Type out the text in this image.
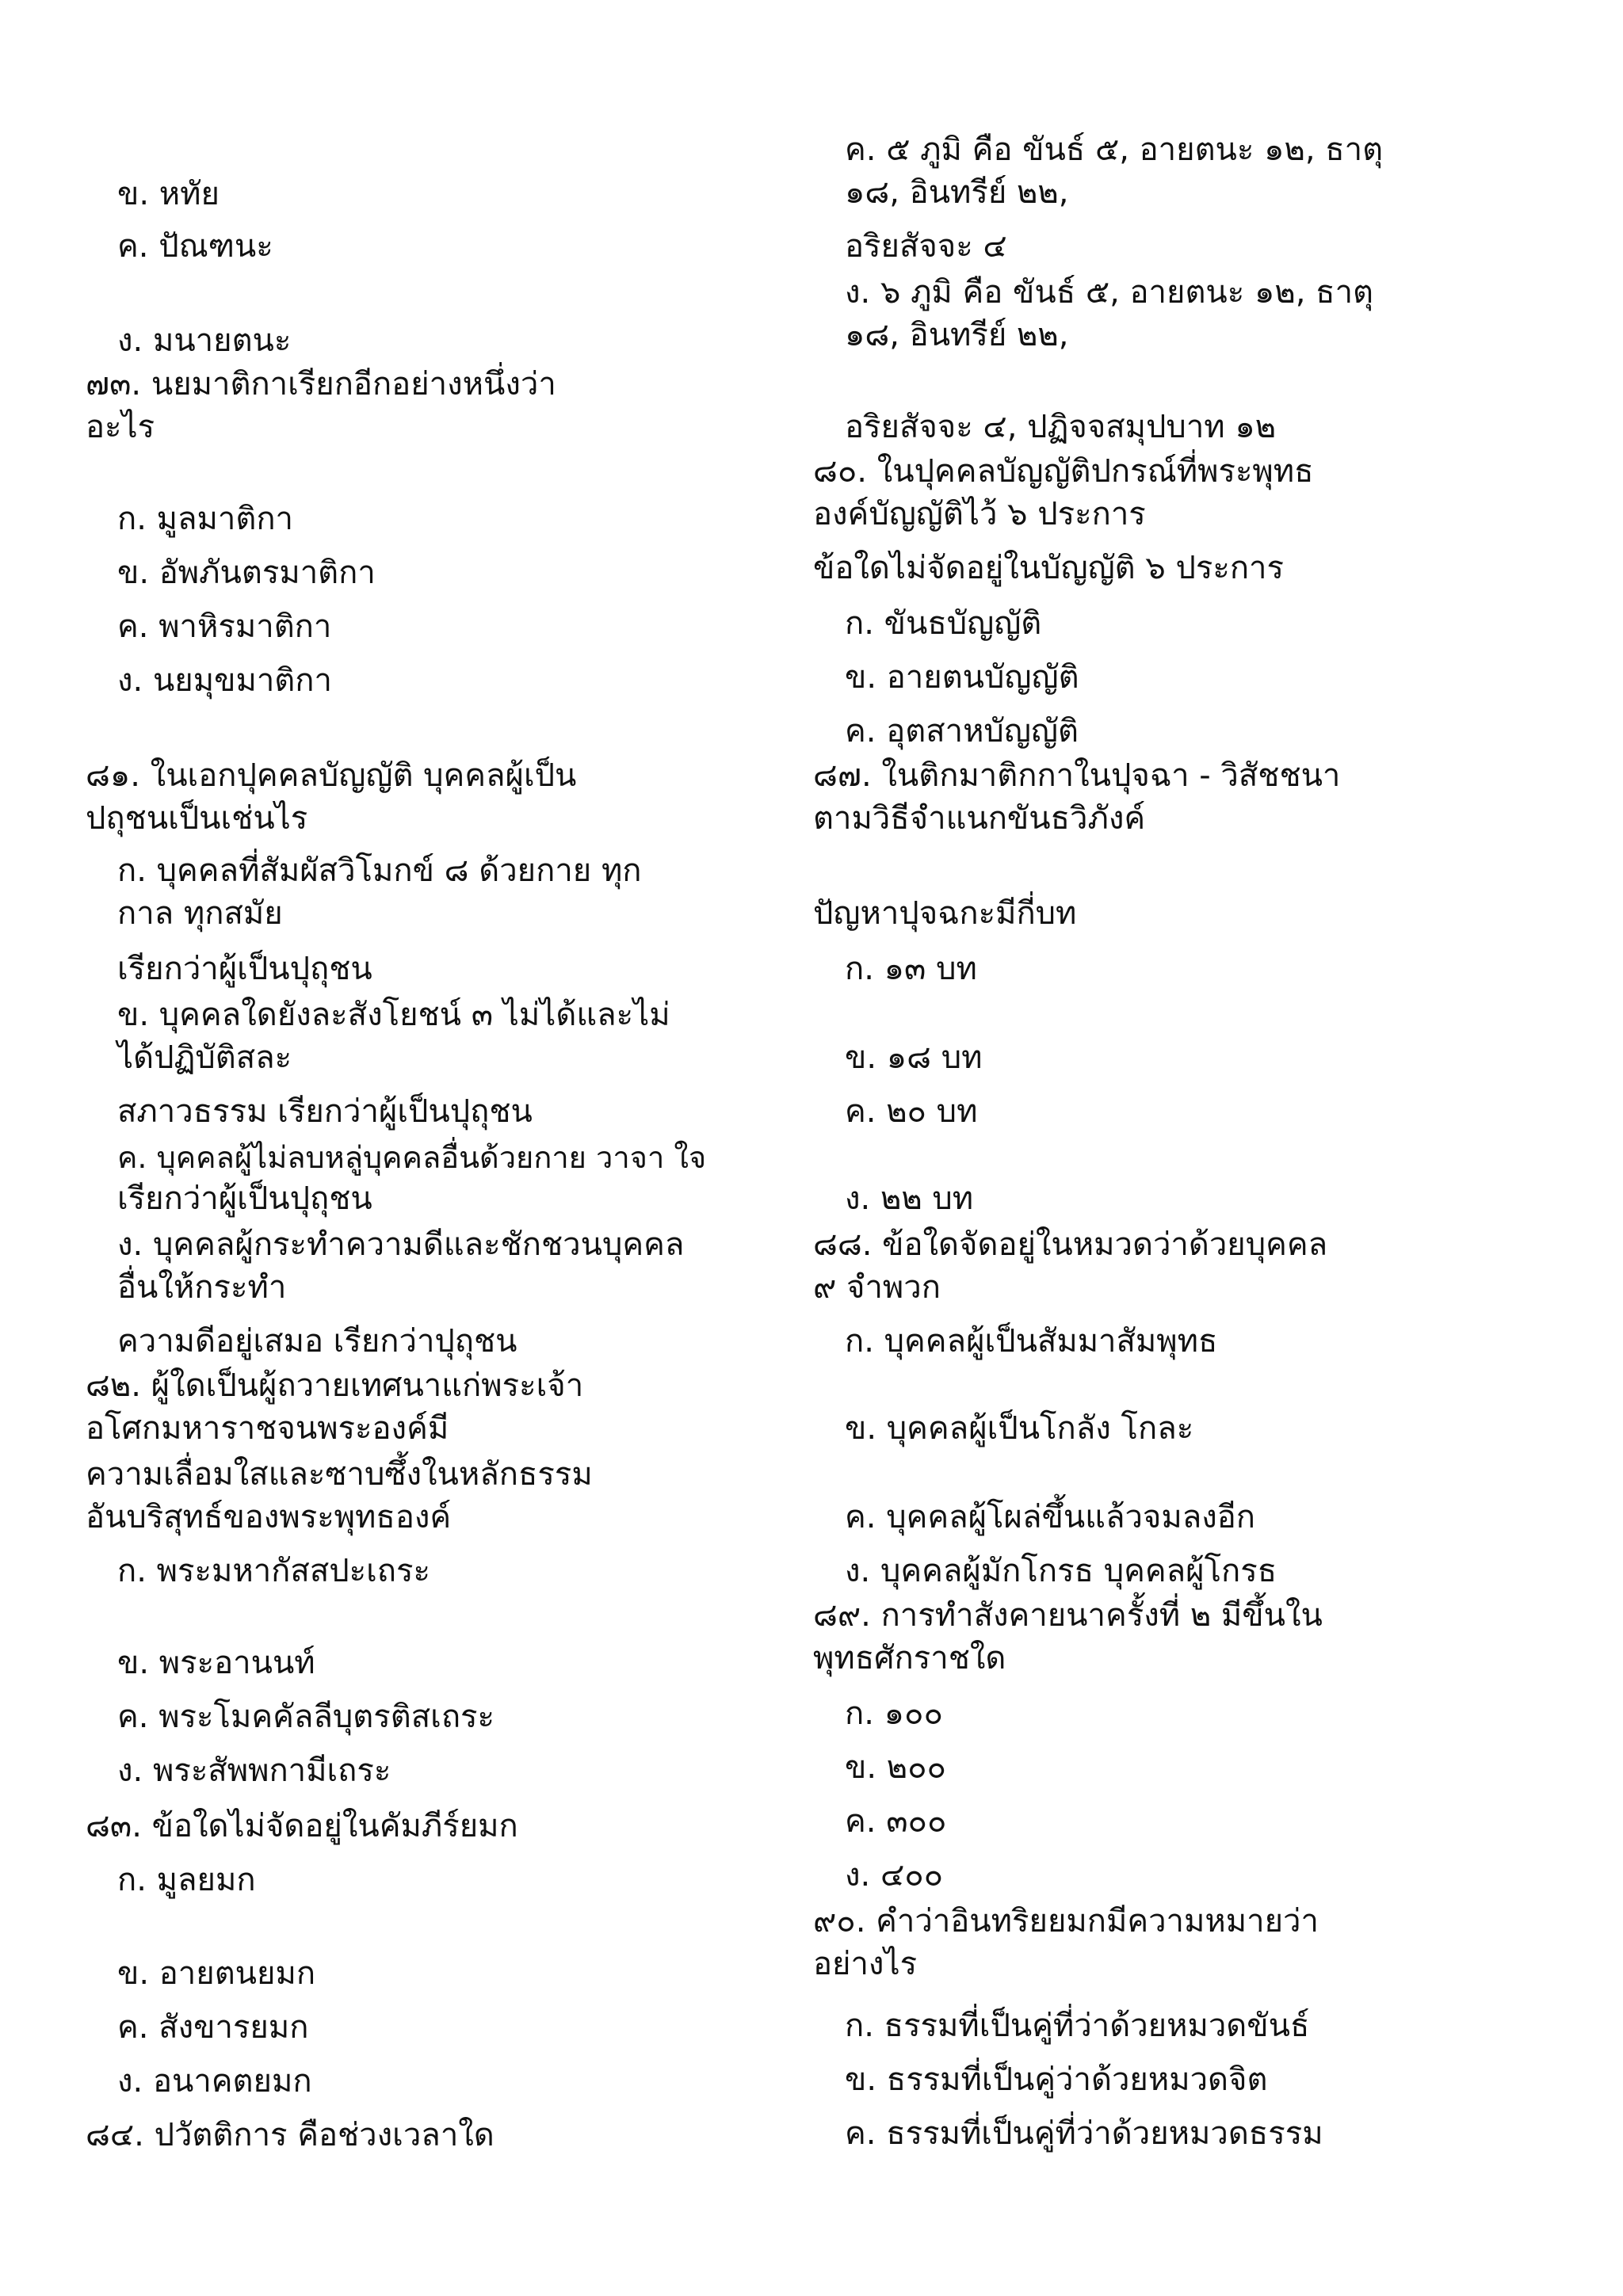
ข. หทัย
ค. ปัณฑนะ
ง. มนายตนะ
๗๓. นยมาติกาเรียกอีกอย่างหนึ่งว่า
อะไร
ก. มูลมาติกา
ข. อัพภันตรมาติกา
ค. พาหิรมาติกา
ง. นยมุขมาติกา
๘๑. ในเอกปุคคลบัญญัติ บุคคลผู้เป็น
ปถุชนเป็นเช่นไร
ก. บุคคลที่สัมผัสวิโมกข์ ๘ ด้วยกาย ทุก
กาล ทุกสมัย
เรียกว่าผู้เป็นปุถุชน
ข. บุคคลใดยังละสังโยชน์ ๓ ไม่ได้และไม่
ได้ปฏิบัติสละ
สภาวธรรม เรียกว่าผู้เป็นปุถุชน
ค. บุคคลผู้ไม่ลบหลู่บุคคลอื่นด้วยกาย วาจา ใจ
เรียกว่าผู้เป็นปุถุชน
ง. บุคคลผู้กระทำความดีและชักชวนบุคคล
อื่นให้กระทำ
ความดีอยู่เสมอ เรียกว่าปุถุชน
๘๒. ผู้ใดเป็นผู้ถวายเทศนาแก่พระเจ้า
อโศกมหาราชจนพระองค์มี
ความเลื่อมใสและซาบซึ้งในหลักธรรม
อันบริสุทธ์ของพระพุทธองค์
ก. พระมหากัสสปะเถระ
ข. พระอานนท์
ค. พระโมคคัลลีบุตรติสเถระ
ง. พระสัพพกามีเถระ
๘๓. ข้อใดไม่จัดอยู่ในคัมภีร์ยมก
ก. มูลยมก
ข. อายตนยมก
ค. สังขารยมก
ง. อนาคตยมก
๘๔. ปวัตติการ คือช่วงเวลาใด
ค. ๕ ภูมิ คือ ขันธ์ ๕, อายตนะ ๑๒, ธาตุ
๑๘, อินทรีย์ ๒๒,
อริยสัจจะ ๔
ง. ๖ ภูมิ คือ ขันธ์ ๕, อายตนะ ๑๒, ธาตุ
๑๘, อินทรีย์ ๒๒,
อริยสัจจะ ๔, ปฏิจจสมุปบาท ๑๒
๘๐. ในปุคคลบัญญัติปกรณ์ที่พระพุทธ
องค์บัญญัติไว้ ๖ ประการ
ข้อใดไม่จัดอยู่ในบัญญัติ ๖ ประการ
ก. ขันธบัญญัติ
ข. อายตนบัญญัติ
ค. อุตสาหบัญญัติ
๘๗. ในติกมาติกกาในปุจฉา - วิสัชชนา
ตามวิธีจำแนกขันธวิภังค์
ปัญหาปุจฉกะมีกี่บท
ก. ๑๓ บท
ข. ๑๘ บท
ค. ๒๐ บท
ง. ๒๒ บท
๘๘. ข้อใดจัดอยู่ในหมวดว่าด้วยบุคคล
๙ จำพวก
ก. บุคคลผู้เป็นสัมมาสัมพุทธ
ข. บุคคลผู้เป็นโกลัง โกละ
ค. บุคคลผู้โผล่ขึ้นแล้วจมลงอีก
ง. บุคคลผู้มักโกรธ บุคคลผู้โกรธ
๘๙. การทำสังคายนาครั้งที่ ๒ มีขึ้นใน
พุทธศักราชใด
ก. ๑๐๐
ข. ๒๐๐
ค. ๓๐๐
ง. ๔๐๐
๙๐. คำว่าอินทริยยมกมีความหมายว่า
อย่างไร
ก. ธรรมที่เป็นคู่ที่ว่าด้วยหมวดขันธ์
ข. ธรรมที่เป็นคู่ว่าด้วยหมวดจิต
ค. ธรรมที่เป็นคู่ที่ว่าด้วยหมวดธรรม
